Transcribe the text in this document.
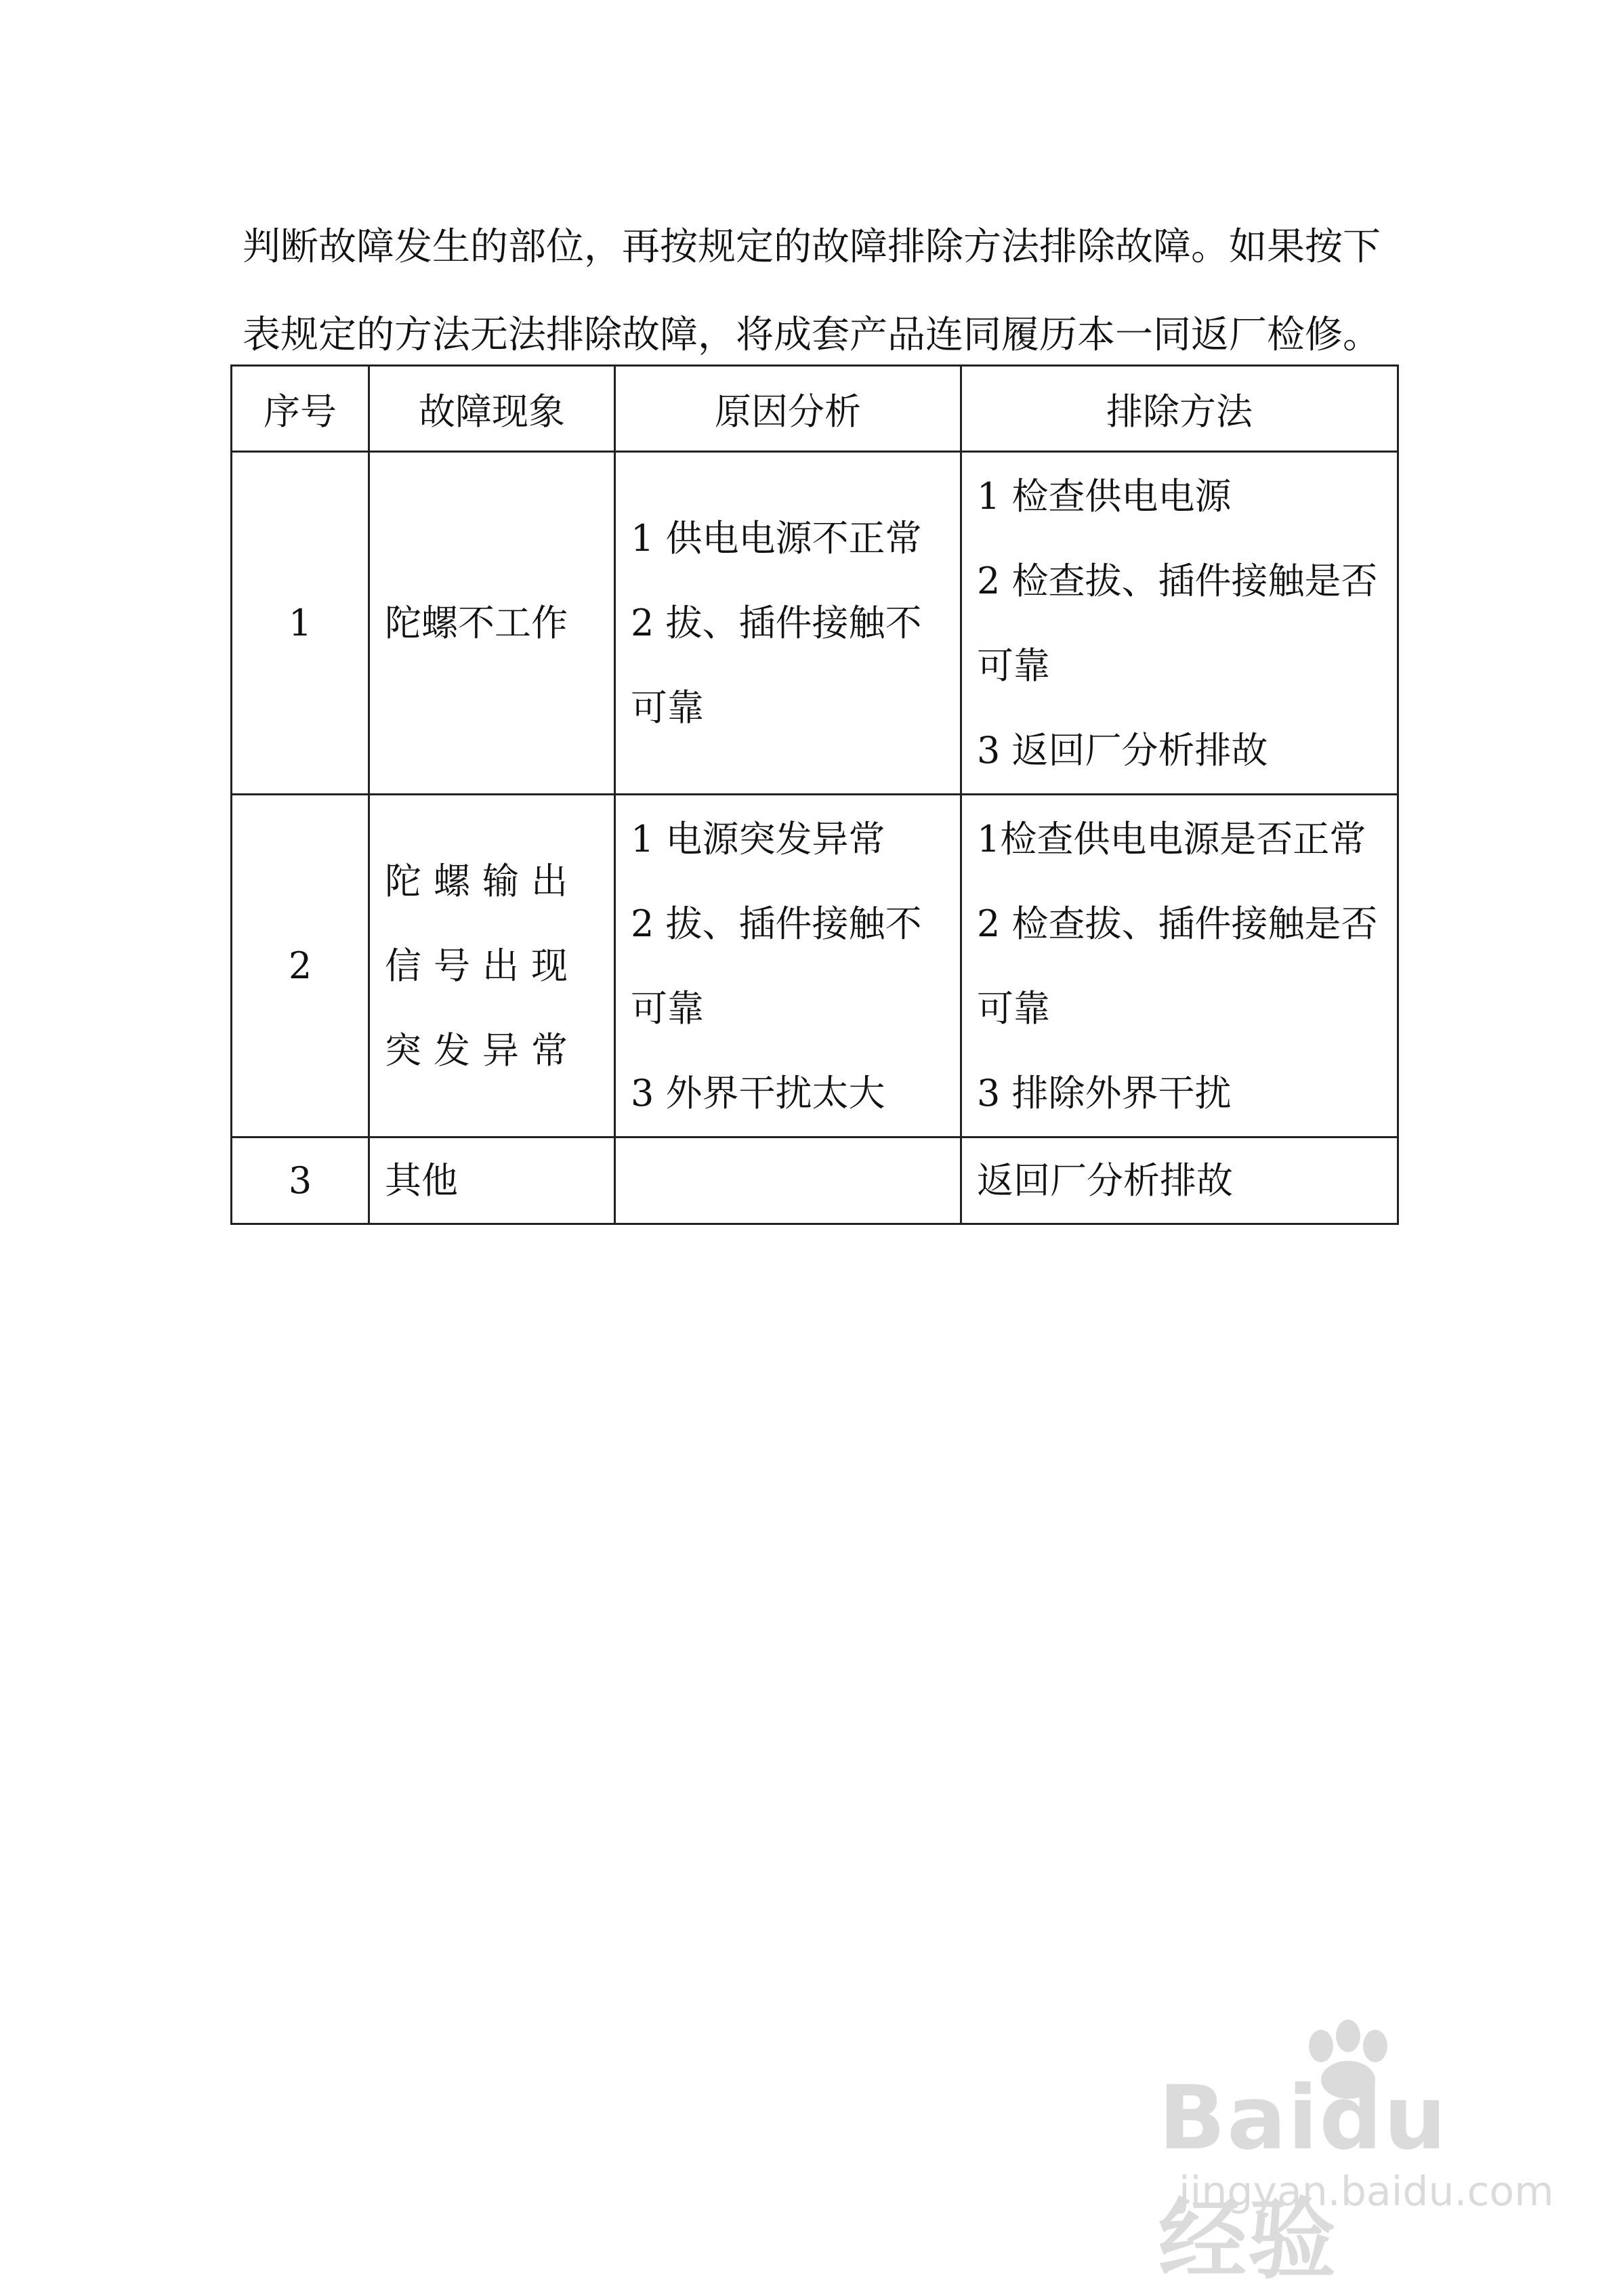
判断故障发生的部位，再按规定的故障排除方法排除故障。如果按下
表规定的方法无法排除故障，将成套产品连同履历本一同返厂检修。

序号	故障现象	原因分析	排除方法
1	陀螺不工作	1 供电电源不正常
2 拔、插件接触不
可靠	1 检查供电电源
2 检查拔、插件接触是否
可靠
3 返回厂分析排故

2	陀螺输出信号出现突发异常	1 电源突发异常
2 拔、插件接触不
可靠
3 外界干扰太大	1检查供电电源是否正常
2 检查拔、插件接触是否
可靠
3 排除外界干扰

3	其他		返回厂分析排故
Baidu经验
jingyan.baidu.com
